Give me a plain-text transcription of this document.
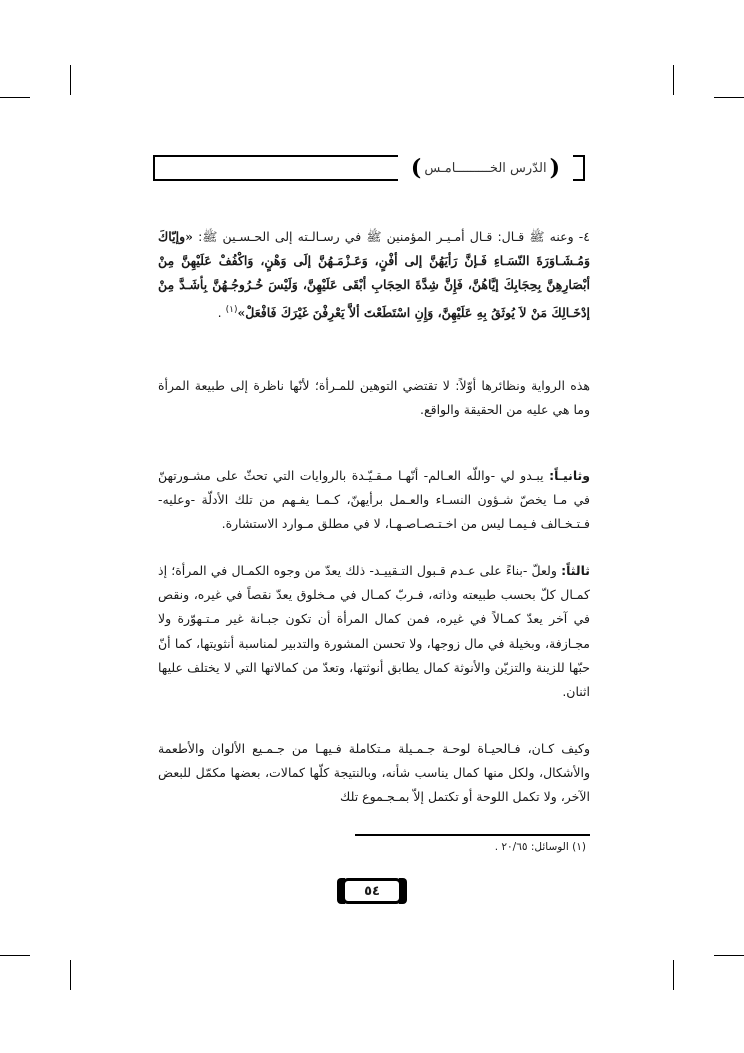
(
الدّرس الخـــــــــامـس
)

٤- وعنه ﷺ قـال: قـال أمـيـر المؤمنين ﷺ في رسـالـته إلى الحـسـين ﷺ: «وإيّاكَ وَمُـشَـاوَرَةَ النّسَـاءِ فَـإنَّ رَأيَهُنَّ إلى أفْنٍ، وَعَـزْمَـهُنَّ إلَى وَهْنٍ، وَاكْفُفْ عَلَيْهِنَّ مِنْ أبْصَارِهِنَّ بِحِجَابِكَ إيَّاهُنَّ، فَإِنَّ شِدَّةَ الحِجَابِ أبْقَى عَلَيْهِنَّ، وَلَيْسَ خُـرُوجُـهُنَّ بِأشَـدَّ مِنْ إدْخَـالِكَ مَنْ لاَ يُوثَقُ بِهِ عَلَيْهِنَّ، وَإِنِ اسْتَطَعْتَ ألاَّ يَعْرِفْنَ غَيْرَكَ فَافْعَلْ»$^{(١)}$ .

هذه الرواية ونظائرها أوّلاً: لا تقتضي التوهين للمـرأة؛ لأنّها ناظرة إلى طبيعة المرأة وما هي عليه من الحقيقة والواقع.

وثانيـاً: يبـدو لي -واللّه العـالم- أنّهـا مـقـيّـدة بالروايات التي تحثّ على مشـورتهنّ في مـا يخصّ شـؤون النسـاء والعـمل برأيهنّ، كـمـا يفـهم من تلك الأدلّة -وعليه- فـتـخـالف فـيمـا ليس من اخـتـصـاصـهـا، لا في مطلق مـوارد الاستشارة.

ثالثاً: ولعلّ -بناءً على عـدم قـبول التـقييـد- ذلك يعدّ من وجوه الكمـال في المرأة؛ إذ كمـال كلّ بحسب طبيعته وذاته، فـربّ كمـال في مـخلوق يعدّ نقصاً في غيره، ونقص في آخر يعدّ كمـالاً في غيره، فمن كمال المرأة أن تكون جبـانة غير مـتـهوّرة ولا مجـازفة، وبخيلة في مال زوجها، ولا تحسن المشورة والتدبير لمناسبة أنثويتها، كما أنّ حبّها للزينة والتزيّن والأنوثة كمال يطابق أنوثتها، وتعدّ من كمالاتها التي لا يختلف عليها اثنان.

وكيف كـان، فـالحيـاة لوحـة جـمـيلة مـتكاملة فـيهـا من جـمـيع الألوان والأطعمة والأشكال، ولكل منها كمال يناسب شأنه، وبالنتيجة كلّها كمالات، بعضها مكمّل للبعض الآخر، ولا تكمل اللوحة أو تكتمل إلاّ بمـجـموع تلك

(١) الوسائل: ٢٠/٦٥ .
٥٤
